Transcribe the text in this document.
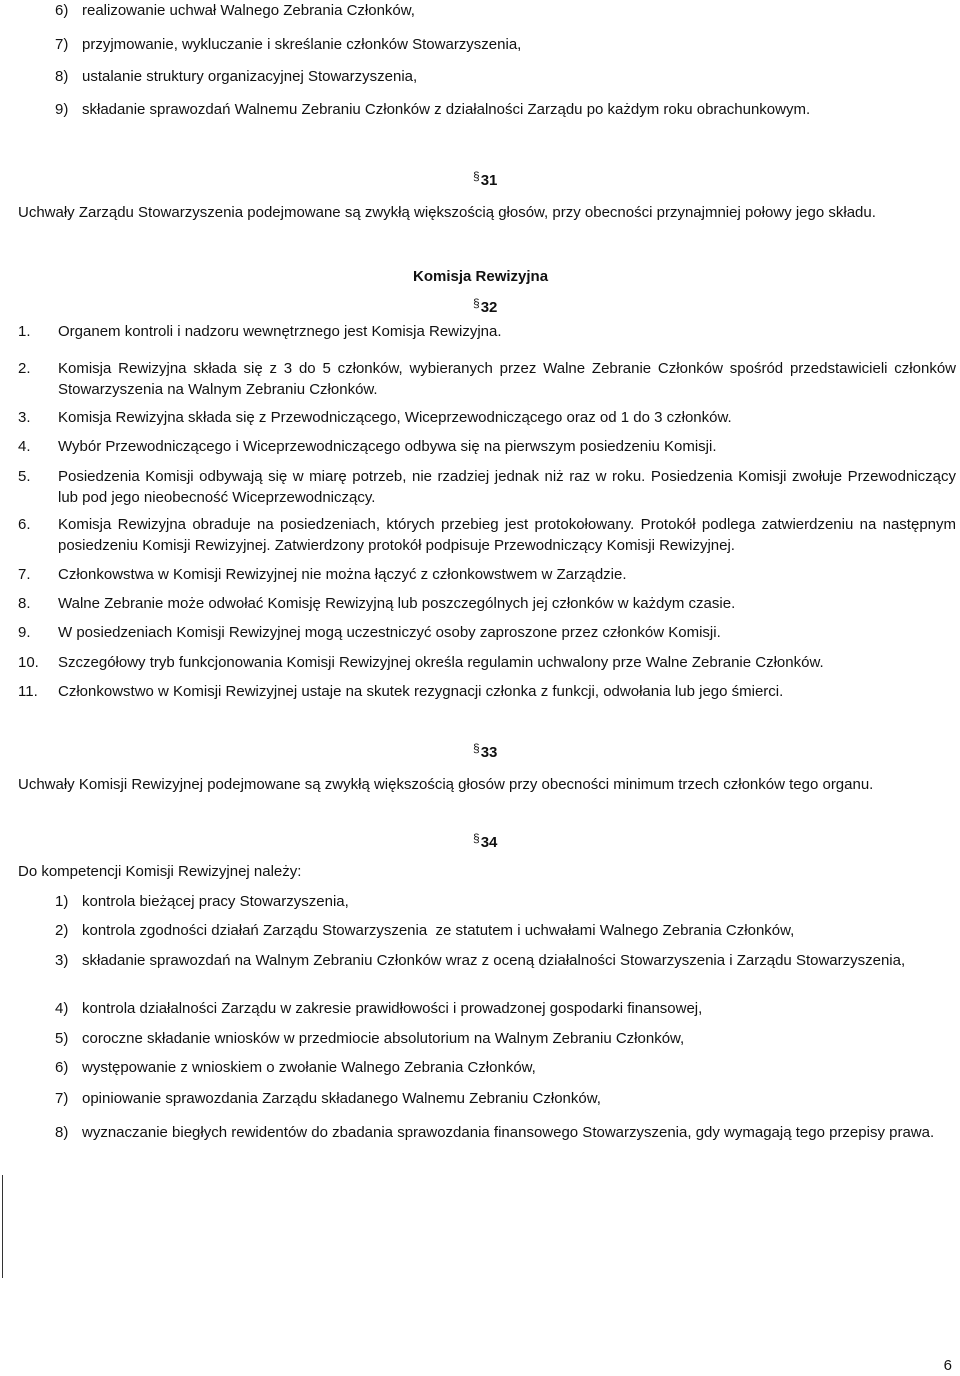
6) realizowanie uchwał Walnego Zebrania Członków,
7) przyjmowanie, wykluczanie i skreślanie członków Stowarzyszenia,
8) ustalanie struktury organizacyjnej Stowarzyszenia,
9) składanie sprawozdań Walnemu Zebraniu Członków z działalności Zarządu po każdym roku obrachunkowym.
§31
Uchwały Zarządu Stowarzyszenia podejmowane są zwykłą większością głosów, przy obecności przynajmniej połowy jego składu.
Komisja Rewizyjna
§32
1. Organem kontroli i nadzoru wewnętrznego jest Komisja Rewizyjna.
2. Komisja Rewizyjna składa się z 3 do 5 członków, wybieranych przez Walne Zebranie Członków spośród przedstawicieli członków Stowarzyszenia na Walnym Zebraniu Członków.
3. Komisja Rewizyjna składa się z Przewodniczącego, Wiceprzewodniczącego oraz od 1 do 3 członków.
4. Wybór Przewodniczącego i Wiceprzewodniczącego odbywa się na pierwszym posiedzeniu Komisji.
5. Posiedzenia Komisji odbywają się w miarę potrzeb, nie rzadziej jednak niż raz w roku. Posiedzenia Komisji zwołuje Przewodniczący lub pod jego nieobecność Wiceprzewodniczący.
6. Komisja Rewizyjna obraduje na posiedzeniach, których przebieg jest protokołowany. Protokół podlega zatwierdzeniu na następnym posiedzeniu Komisji Rewizyjnej. Zatwierdzony protokół podpisuje Przewodniczący Komisji Rewizyjnej.
7. Członkowstwa w Komisji Rewizyjnej nie można łączyć z członkowstwem w Zarządzie.
8. Walne Zebranie może odwołać Komisję Rewizyjną lub poszczególnych jej członków w każdym czasie.
9. W posiedzeniach Komisji Rewizyjnej mogą uczestniczyć osoby zaproszone przez członków Komisji.
10. Szczegółowy tryb funkcjonowania Komisji Rewizyjnej określa regulamin uchwalony prze Walne Zebranie Członków.
11. Członkowstwo w Komisji Rewizyjnej ustaje na skutek rezygnacji członka z funkcji, odwołania lub jego śmierci.
§33
Uchwały Komisji Rewizyjnej podejmowane są zwykłą większością głosów przy obecności minimum trzech członków tego organu.
§34
Do kompetencji Komisji Rewizyjnej należy:
1) kontrola bieżącej pracy Stowarzyszenia,
2) kontrola zgodności działań Zarządu Stowarzyszenia  ze statutem i uchwałami Walnego Zebrania Członków,
3) składanie sprawozdań na Walnym Zebraniu Członków wraz z oceną działalności Stowarzyszenia i Zarządu Stowarzyszenia,
4) kontrola działalności Zarządu w zakresie prawidłowości i prowadzonej gospodarki finansowej,
5) coroczne składanie wniosków w przedmiocie absolutorium na Walnym Zebraniu Członków,
6) występowanie z wnioskiem o zwołanie Walnego Zebrania Członków,
7) opiniowanie sprawozdania Zarządu składanego Walnemu Zebraniu Członków,
8) wyznaczanie biegłych rewidentów do zbadania sprawozdania finansowego Stowarzyszenia, gdy wymagają tego przepisy prawa.
6
